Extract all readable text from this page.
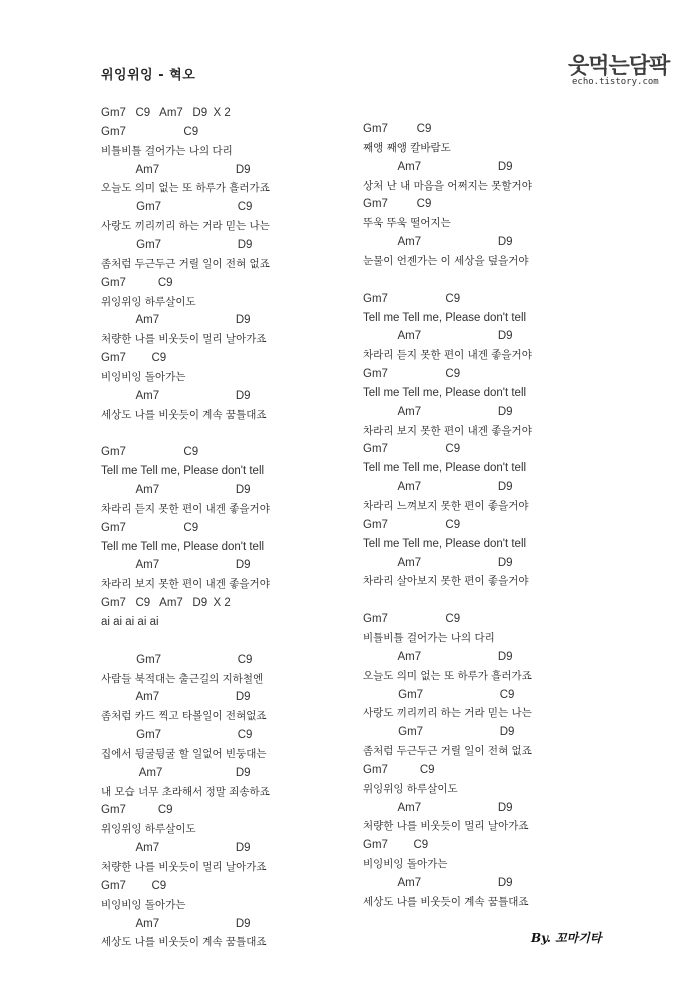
위잉위잉 - 혁오	웃먹는담팍
echo.tistory.com
Gm7   C9   Am7   D9  X 2
Gm7                  C9
비틀비틀 걸어가는 나의 다리
Am7                        D9
오늘도 의미 없는 또 하루가 흘러가죠
Gm7                        C9
사랑도 끼리끼리 하는 거라 믿는 나는
Gm7                        D9
좀처럼 두근두근 거릴 일이 전혀 없죠
Gm7          C9
위잉위잉 하루살이도
Am7                        D9
처량한 나를 비웃듯이 멀리 날아가죠
Gm7        C9
비잉비잉 돌아가는
Am7                        D9
세상도 나를 비웃듯이 계속 꿈틀대죠
Gm7                  C9
Tell me Tell me, Please don't tell
Am7                        D9
차라리 듣지 못한 편이 내겐 좋을거야
Gm7                  C9
Tell me Tell me, Please don't tell
Am7                        D9
차라리 보지 못한 편이 내겐 좋을거야
Gm7   C9   Am7   D9  X 2
ai ai ai ai ai
Gm7                        C9
사람들 북적대는 출근길의 지하철엔
Am7                        D9
좀처럼 카드 찍고 타볼일이 전혀없죠
Gm7                        C9
집에서 뒹굴뒹굴 할 일없어 빈둥대는
Am7                       D9
내 모습 너무 초라해서 정말 죄송하죠
Gm7          C9
위잉위잉 하루살이도
Am7                        D9
처량한 나를 비웃듯이 멀리 날아가죠
Gm7        C9
비잉비잉 돌아가는
Am7                        D9
세상도 나를 비웃듯이 계속 꿈틀대죠
Gm7         C9
째앵 째앵 칼바람도
Am7                        D9
상처 난 내 마음을 어쩌지는 못할거야
Gm7         C9
뚜욱 뚜욱 떨어지는
Am7                        D9
눈물이 언젠가는 이 세상을 덮을거야
Gm7                  C9
Tell me Tell me, Please don't tell
Am7                        D9
차라리 듣지 못한 편이 내겐 좋을거야
Gm7                  C9
Tell me Tell me, Please don't tell
Am7                        D9
차라리 보지 못한 편이 내겐 좋을거야
Gm7                  C9
Tell me Tell me, Please don't tell
Am7                        D9
차라리 느껴보지 못한 편이 좋을거야
Gm7                  C9
Tell me Tell me, Please don't tell
Am7                        D9
차라리 살아보지 못한 편이 좋을거야
Gm7                  C9
비틀비틀 걸어가는 나의 다리
Am7                        D9
오늘도 의미 없는 또 하루가 흘러가죠
Gm7                        C9
사랑도 끼리끼리 하는 거라 믿는 나는
Gm7                        D9
좀처럼 두근두근 거릴 일이 전혀 없죠
Gm7          C9
위잉위잉 하루살이도
Am7                        D9
처량한 나를 비웃듯이 멀리 날아가죠
Gm7        C9
비잉비잉 돌아가는
Am7                        D9
세상도 나를 비웃듯이 계속 꿈틀대죠
By. 꼬마기타
